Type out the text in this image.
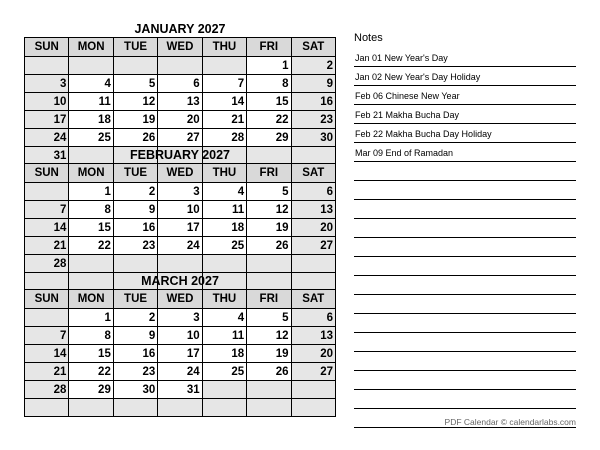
JANUARY 2027
SUN	MON	TUE	WED	THU	FRI	SAT
					1	2
3	4	5	6	7	8	9
10	11	12	13	14	15	16
17	18	19	20	21	22	23
24	25	26	27	28	29	30
31							FEBRUARY 2027
SUN	MON	TUE	WED	THU	FRI	SAT
	1	2	3	4	5	6
7	8	9	10	11	12	13
14	15	16	17	18	19	20
21	22	23	24	25	26	27
28						

MARCH 2027
SUN	MON	TUE	WED	THU	FRI	SAT
	1	2	3	4	5	6
7	8	9	10	11	12	13
14	15	16	17	18	19	20
21	22	23	24	25	26	27
28	29	30	31			

Notes
Jan 01 New Year's Day
Jan 02 New Year's Day Holiday
Feb 06 Chinese New Year
Feb 21 Makha Bucha Day
Feb 22 Makha Bucha Day Holiday
Mar 09 End of Ramadan
PDF Calendar © calendarlabs.com
